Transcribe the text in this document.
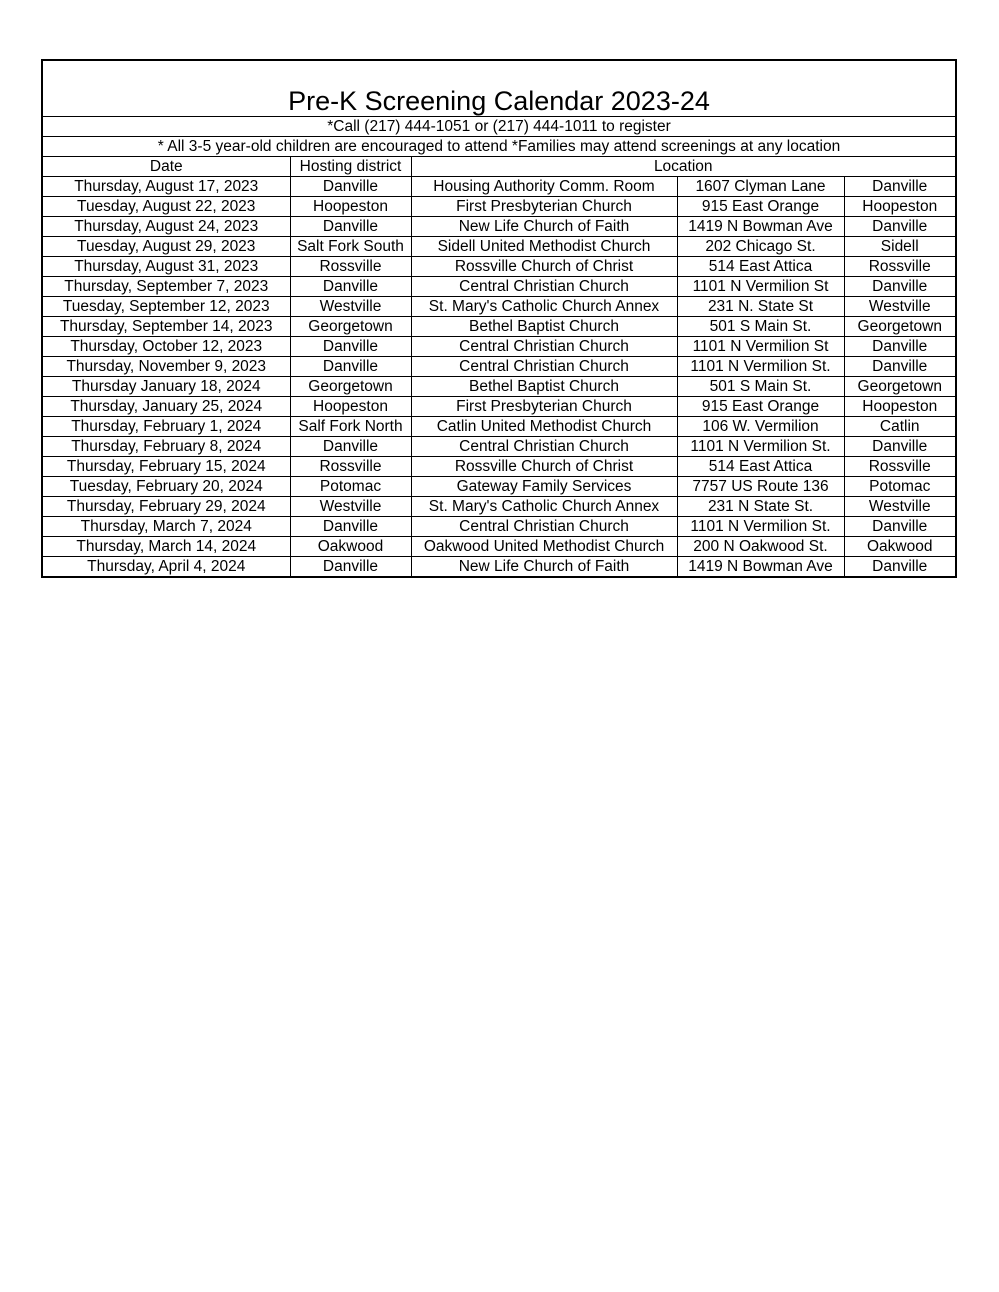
Pre-K Screening Calendar 2023-24				
*Call (217) 444-1051 or (217) 444-1011 to register				
* All 3-5 year-old children are encouraged to attend *Families may attend screenings at any location				
Date	Hosting district	Location		
Thursday, August 17, 2023	Danville	Housing Authority Comm. Room	1607 Clyman Lane	Danville
Tuesday, August 22, 2023	Hoopeston	First Presbyterian Church	915 East Orange	Hoopeston
Thursday, August 24, 2023	Danville	New Life Church of Faith	1419 N Bowman Ave	Danville
Tuesday, August 29, 2023	Salt Fork South	Sidell United Methodist Church	202 Chicago St.	Sidell
Thursday, August 31, 2023	Rossville	Rossville Church of Christ	514 East Attica	Rossville
Thursday, September 7, 2023	Danville	Central Christian Church	1101 N Vermilion St	Danville
Tuesday, September 12, 2023	Westville	St. Mary's Catholic Church Annex	231 N. State St	Westville
Thursday, September 14, 2023	Georgetown	Bethel Baptist Church	501 S Main St.	Georgetown
Thursday, October 12, 2023	Danville	Central Christian Church	1101 N Vermilion St	Danville
Thursday, November 9, 2023	Danville	Central Christian Church	1101 N Vermilion St.	Danville
Thursday January 18, 2024	Georgetown	Bethel Baptist Church	501 S Main St.	Georgetown
Thursday, January 25, 2024	Hoopeston	First Presbyterian Church	915 East Orange	Hoopeston
Thursday, February 1, 2024	Salf Fork North	Catlin United Methodist Church	106 W. Vermilion	Catlin
Thursday, February 8, 2024	Danville	Central Christian Church	1101 N Vermilion St.	Danville
Thursday, February 15, 2024	Rossville	Rossville Church of Christ	514 East Attica	Rossville
Tuesday, February 20, 2024	Potomac	Gateway Family Services	7757 US Route 136	Potomac
Thursday, February 29, 2024	Westville	St. Mary's Catholic Church Annex	231 N State St.	Westville
Thursday, March 7, 2024	Danville	Central Christian Church	1101 N Vermilion St.	Danville
Thursday, March 14, 2024	Oakwood	Oakwood United Methodist Church	200 N Oakwood St.	Oakwood
Thursday, April 4, 2024	Danville	New Life Church of Faith	1419 N Bowman Ave	Danville
